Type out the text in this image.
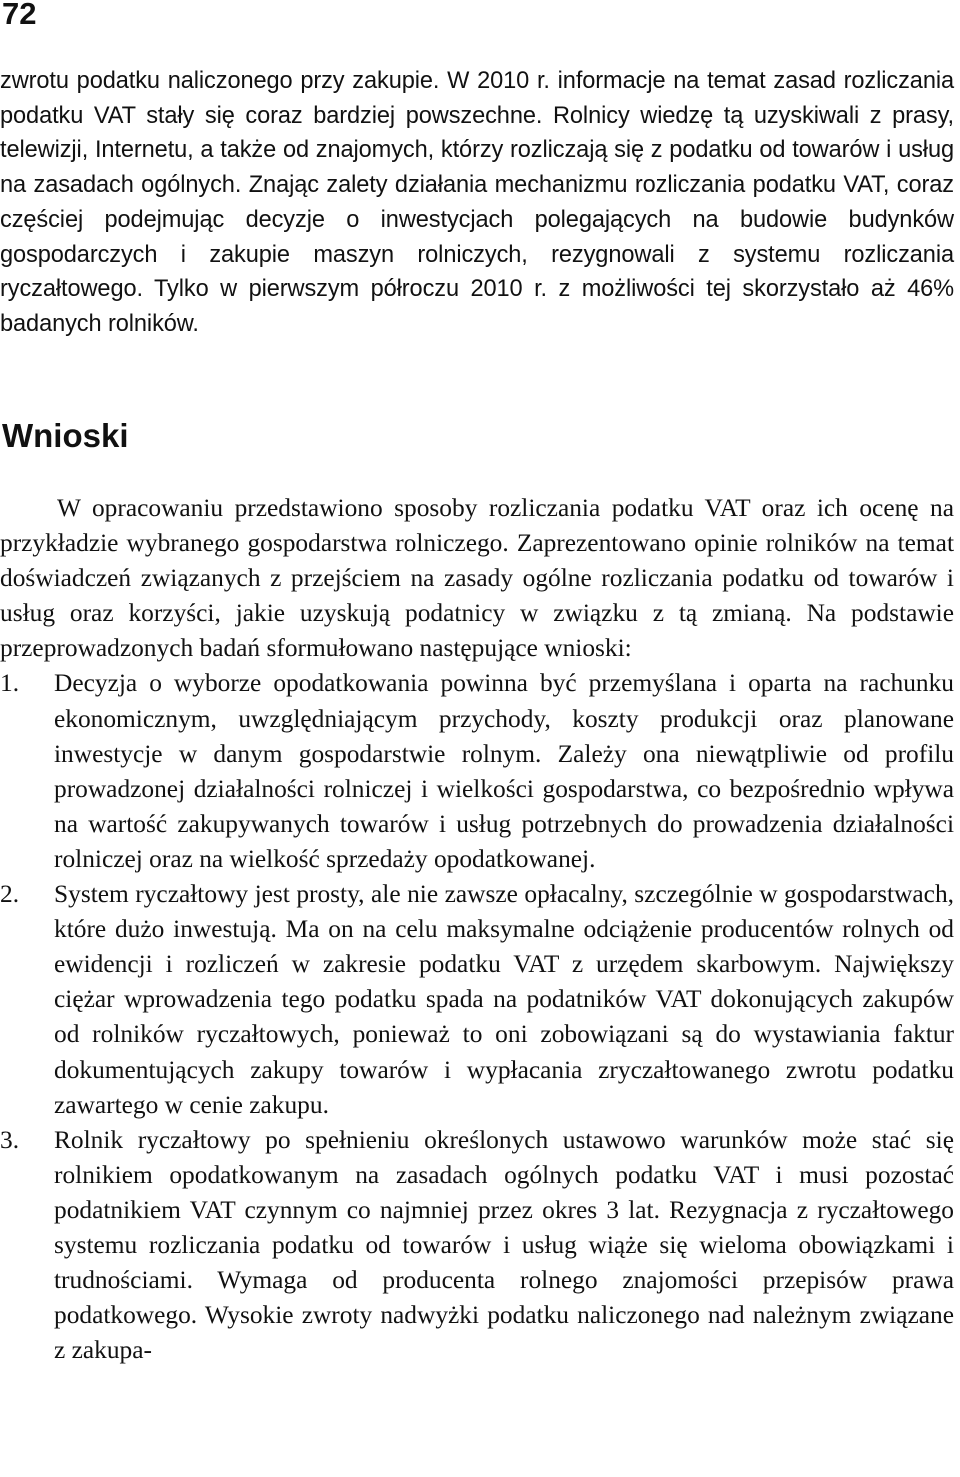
72

zwrotu podatku naliczonego przy zakupie. W 2010 r. informacje na temat zasad rozliczania podatku VAT stały się coraz bardziej powszechne. Rolnicy wiedzę tą uzyskiwali z prasy, telewizji, Internetu, a także od znajomych, którzy rozliczają się z podatku od towarów i usług na zasadach ogólnych. Znając zalety działania mechanizmu rozliczania podatku VAT, coraz częściej podejmując decyzje o inwestycjach polegających na budowie budynków gospodarczych i zakupie maszyn rolniczych, rezygnowali z systemu rozliczania ryczałtowego. Tylko w pierwszym półroczu 2010 r. z możliwości tej skorzystało aż 46% badanych rolników.

Wnioski

W opracowaniu przedstawiono sposoby rozliczania podatku VAT oraz ich ocenę na przykładzie wybranego gospodarstwa rolniczego. Zaprezentowano opinie rolników na temat doświadczeń związanych z przejściem na zasady ogólne rozliczania podatku od towarów i usług oraz korzyści, jakie uzyskują podatnicy w związku z tą zmianą. Na podstawie przeprowadzonych badań sformułowano następujące wnioski:

1. Decyzja o wyborze opodatkowania powinna być przemyślana i oparta na rachunku ekonomicznym, uwzględniającym przychody, koszty produkcji oraz planowane inwestycje w danym gospodarstwie rolnym. Zależy ona niewątpliwie od profilu prowadzonej działalności rolniczej i wielkości gospodarstwa, co bezpośrednio wpływa na wartość zakupywanych towarów i usług potrzebnych do prowadzenia działalności rolniczej oraz na wielkość sprzedaży opodatkowanej.
2. System ryczałtowy jest prosty, ale nie zawsze opłacalny, szczególnie w gospodarstwach, które dużo inwestują. Ma on na celu maksymalne odciążenie producentów rolnych od ewidencji i rozliczeń w zakresie podatku VAT z urzędem skarbowym. Największy ciężar wprowadzenia tego podatku spada na podatników VAT dokonujących zakupów od rolników ryczałtowych, ponieważ to oni zobowiązani są do wystawiania faktur dokumentujących zakupy towarów i wypłacania zryczałtowanego zwrotu podatku zawartego w cenie zakupu.
3. Rolnik ryczałtowy po spełnieniu określonych ustawowo warunków może stać się rolnikiem opodatkowanym na zasadach ogólnych podatku VAT i musi pozostać podatnikiem VAT czynnym co najmniej przez okres 3 lat. Rezygnacja z ryczałtowego systemu rozliczania podatku od towarów i usług wiąże się wieloma obowiązkami i trudnościami. Wymaga od producenta rolnego znajomości przepisów prawa podatkowego. Wysokie zwroty nadwyżki podatku naliczonego nad należnym związane z zakupa-
